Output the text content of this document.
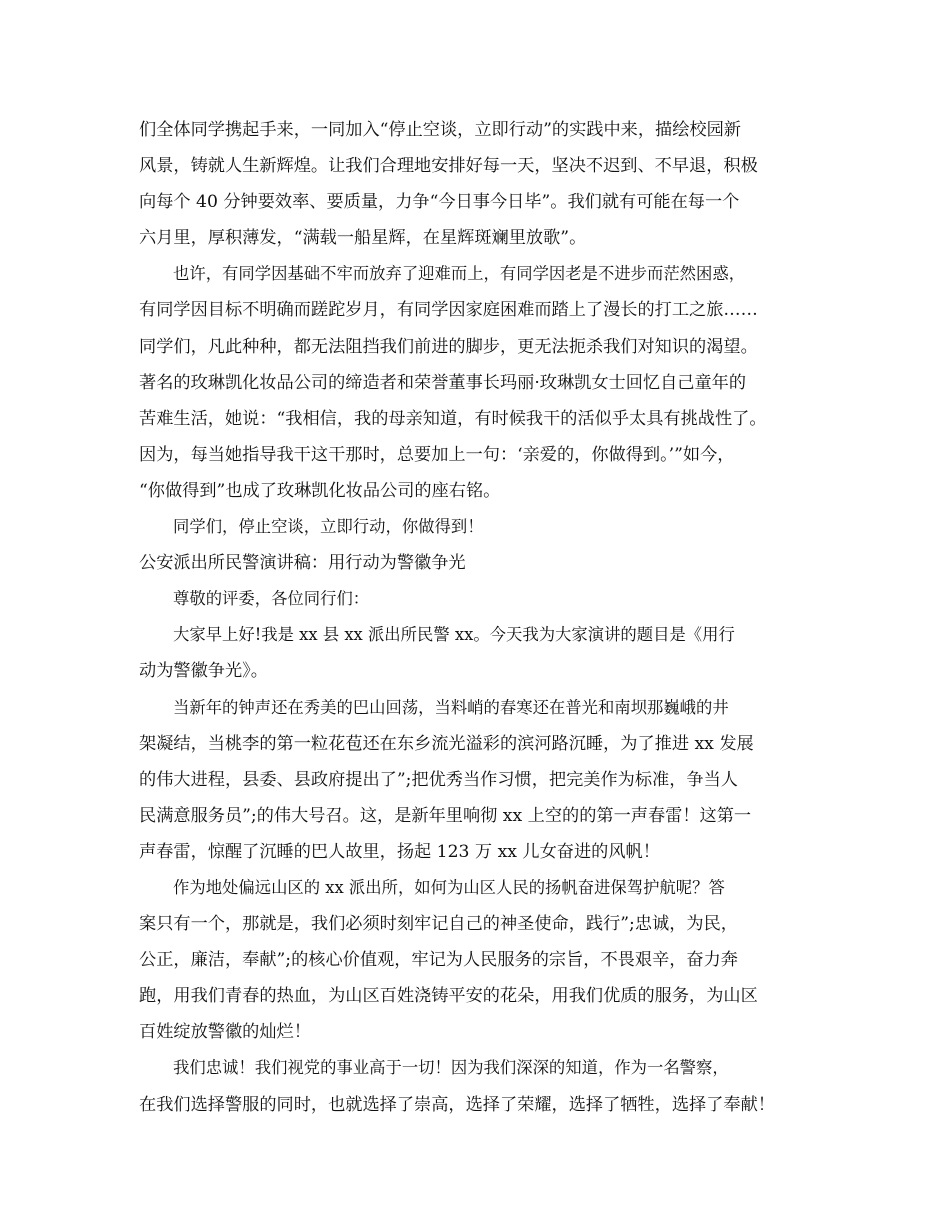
们全体同学携起手来，一同加入“停止空谈，立即行动”的实践中来，描绘校园新
风景，铸就人生新辉煌。让我们合理地安排好每一天，坚决不迟到、不早退，积极
向每个 40 分钟要效率、要质量，力争“今日事今日毕”。我们就有可能在每一个
六月里，厚积薄发，“满载一船星辉，在星辉斑斓里放歌”。
也许，有同学因基础不牢而放弃了迎难而上，有同学因老是不进步而茫然困惑，
有同学因目标不明确而蹉跎岁月，有同学因家庭困难而踏上了漫长的打工之旅……
同学们，凡此种种，都无法阻挡我们前进的脚步，更无法扼杀我们对知识的渴望。
著名的玫琳凯化妆品公司的缔造者和荣誉董事长玛丽·玫琳凯女士回忆自己童年的
苦难生活，她说：“我相信，我的母亲知道，有时候我干的活似乎太具有挑战性了。
因为，每当她指导我干这干那时，总要加上一句：‘亲爱的，你做得到。’”如今，
“你做得到”也成了玫琳凯化妆品公司的座右铭。
同学们，停止空谈，立即行动，你做得到！
公安派出所民警演讲稿：用行动为警徽争光
尊敬的评委，各位同行们：
大家早上好!我是 xx 县 xx 派出所民警 xx。今天我为大家演讲的题目是《用行
动为警徽争光》。
当新年的钟声还在秀美的巴山回荡，当料峭的春寒还在普光和南坝那巍峨的井
架凝结，当桃李的第一粒花苞还在东乡流光溢彩的滨河路沉睡，为了推进 xx 发展
的伟大进程，县委、县政府提出了”;把优秀当作习惯，把完美作为标准，争当人
民满意服务员”;的伟大号召。这，是新年里响彻 xx 上空的的第一声春雷！这第一
声春雷，惊醒了沉睡的巴人故里，扬起 123 万 xx 儿女奋进的风帆！
作为地处偏远山区的 xx 派出所，如何为山区人民的扬帆奋进保驾护航呢？答
案只有一个，那就是，我们必须时刻牢记自己的神圣使命，践行”;忠诚，为民，
公正，廉洁，奉献”;的核心价值观，牢记为人民服务的宗旨，不畏艰辛，奋力奔
跑，用我们青春的热血，为山区百姓浇铸平安的花朵，用我们优质的服务，为山区
百姓绽放警徽的灿烂！
我们忠诚！我们视党的事业高于一切！因为我们深深的知道，作为一名警察，
在我们选择警服的同时，也就选择了崇高，选择了荣耀，选择了牺牲，选择了奉献！
